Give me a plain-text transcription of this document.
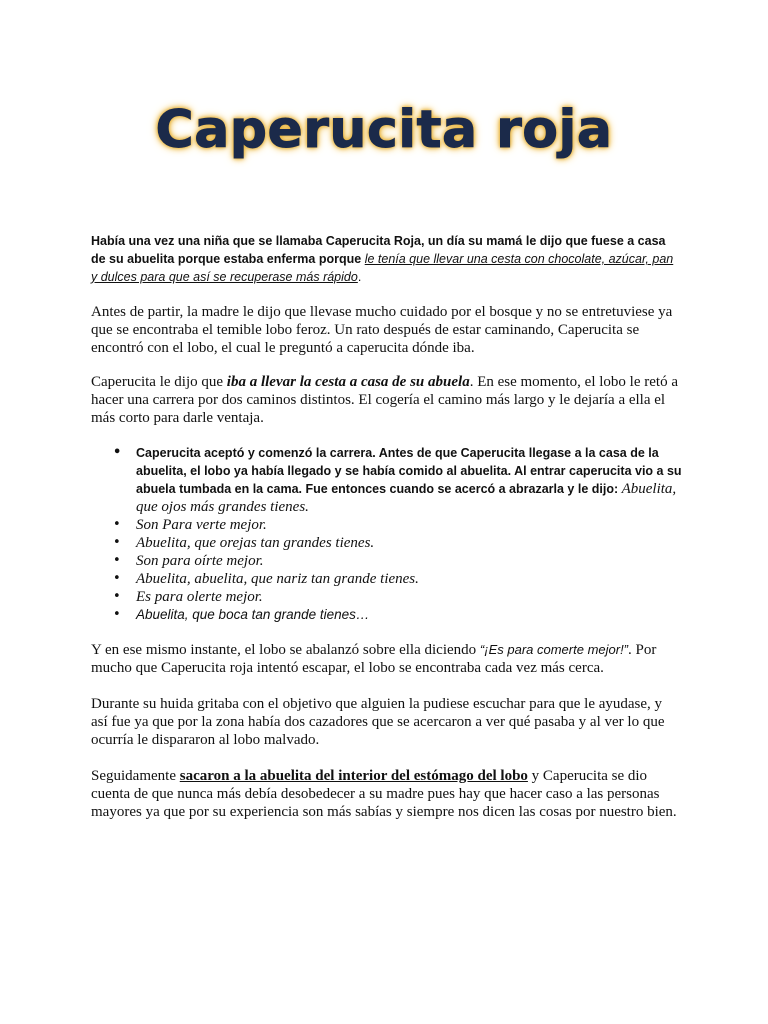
Caperucita roja

Había una vez una niña que se llamaba Caperucita Roja, un día su mamá le dijo que fuese a casa de su abuelita porque estaba enferma porque le tenía que llevar una cesta con chocolate, azúcar, pan y dulces para que así se recuperase más rápido.

Antes de partir, la madre le dijo que llevase mucho cuidado por el bosque y no se entretuviese ya que se encontraba el temible lobo feroz. Un rato después de estar caminando, Caperucita se encontró con el lobo, el cual le preguntó a caperucita dónde iba.

Caperucita le dijo que iba a llevar la cesta a casa de su abuela. En ese momento, el lobo le retó a hacer una carrera por dos caminos distintos. El cogería el camino más largo y le dejaría a ella el más corto para darle ventaja.

• Caperucita aceptó y comenzó la carrera. Antes de que Caperucita llegase a la casa de la abuelita, el lobo ya había llegado y se había comido al abuelita. Al entrar caperucita vio a su abuela tumbada en la cama. Fue entonces cuando se acercó a abrazarla y le dijo: Abuelita, que ojos más grandes tienes.
• Son Para verte mejor.
• Abuelita, que orejas tan grandes tienes.
• Son para oírte mejor.
• Abuelita, abuelita, que nariz tan grande tienes.
• Es para olerte mejor.
• Abuelita, que boca tan grande tienes…

Y en ese mismo instante, el lobo se abalanzó sobre ella diciendo “¡Es para comerte mejor!”. Por mucho que Caperucita roja intentó escapar, el lobo se encontraba cada vez más cerca.

Durante su huida gritaba con el objetivo que alguien la pudiese escuchar para que le ayudase, y así fue ya que por la zona había dos cazadores que se acercaron a ver qué pasaba y al ver lo que ocurría le dispararon al lobo malvado.

Seguidamente sacaron a la abuelita del interior del estómago del lobo y Caperucita se dio cuenta de que nunca más debía desobedecer a su madre pues hay que hacer caso a las personas mayores ya que por su experiencia son más sabías y siempre nos dicen las cosas por nuestro bien.
